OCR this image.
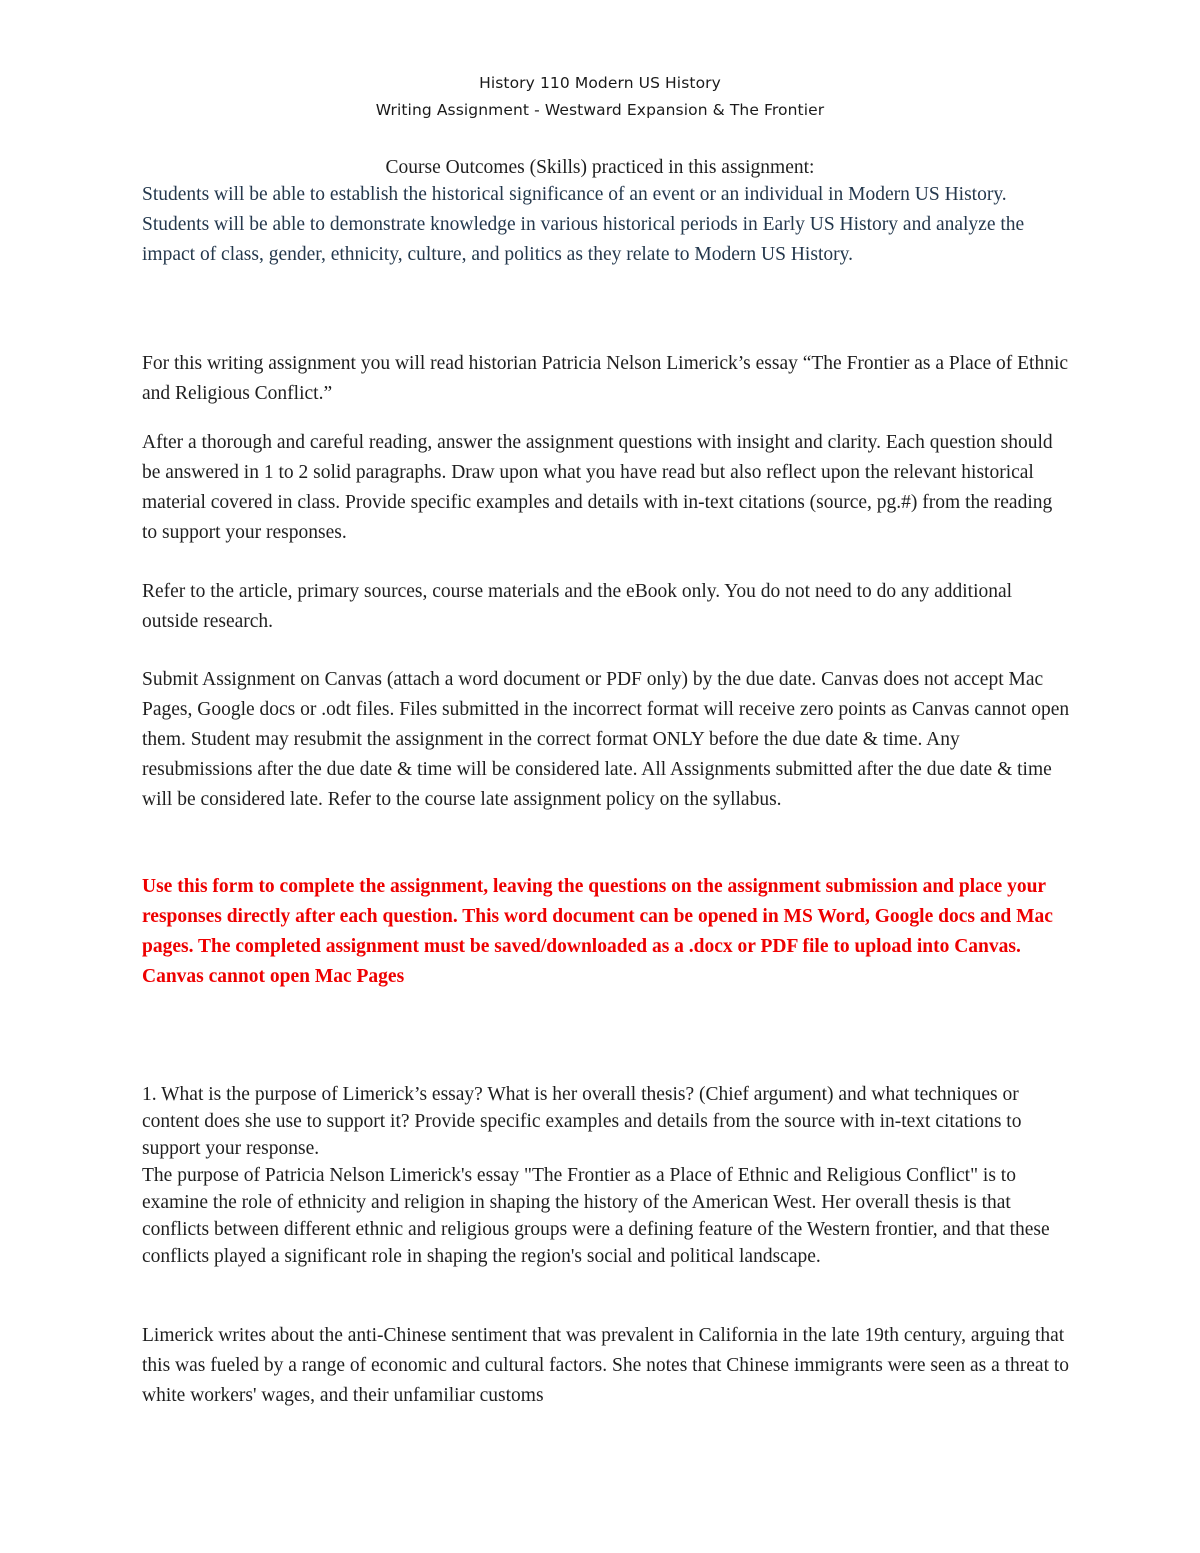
History 110 Modern US History
Writing Assignment - Westward Expansion & The Frontier
Course Outcomes (Skills) practiced in this assignment:
Students will be able to establish the historical significance of an event or an individual in Modern US History.
Students will be able to demonstrate knowledge in various historical periods in Early US History and analyze the impact of class, gender, ethnicity, culture, and politics as they relate to Modern US History.

For this writing assignment you will read historian Patricia Nelson Limerick’s essay “The Frontier as a Place of Ethnic and Religious Conflict.”

After a thorough and careful reading, answer the assignment questions with insight and clarity. Each question should be answered in 1 to 2 solid paragraphs. Draw upon what you have read but also reflect upon the relevant historical material covered in class. Provide specific examples and details with in-text citations (source, pg.#) from the reading to support your responses.

Refer to the article, primary sources, course materials and the eBook only. You do not need to do any additional outside research.

Submit Assignment on Canvas (attach a word document or PDF only) by the due date. Canvas does not accept Mac Pages, Google docs or .odt files. Files submitted in the incorrect format will receive zero points as Canvas cannot open them. Student may resubmit the assignment in the correct format ONLY before the due date & time. Any resubmissions after the due date & time will be considered late. All Assignments submitted after the due date & time will be considered late. Refer to the course late assignment policy on the syllabus.

Use this form to complete the assignment, leaving the questions on the assignment submission and place your responses directly after each question. This word document can be opened in MS Word, Google docs and Mac pages. The completed assignment must be saved/downloaded as a .docx or PDF file to upload into Canvas. Canvas cannot open Mac Pages

1. What is the purpose of Limerick’s essay? What is her overall thesis? (Chief argument) and what techniques or content does she use to support it? Provide specific examples and details from the source with in-text citations to support your response.

The purpose of Patricia Nelson Limerick's essay "The Frontier as a Place of Ethnic and Religious Conflict" is to examine the role of ethnicity and religion in shaping the history of the American West. Her overall thesis is that conflicts between different ethnic and religious groups were a defining feature of the Western frontier, and that these conflicts played a significant role in shaping the region's social and political landscape.

Limerick writes about the anti-Chinese sentiment that was prevalent in California in the late 19th century, arguing that this was fueled by a range of economic and cultural factors. She notes that Chinese immigrants were seen as a threat to white workers' wages, and their unfamiliar customs
